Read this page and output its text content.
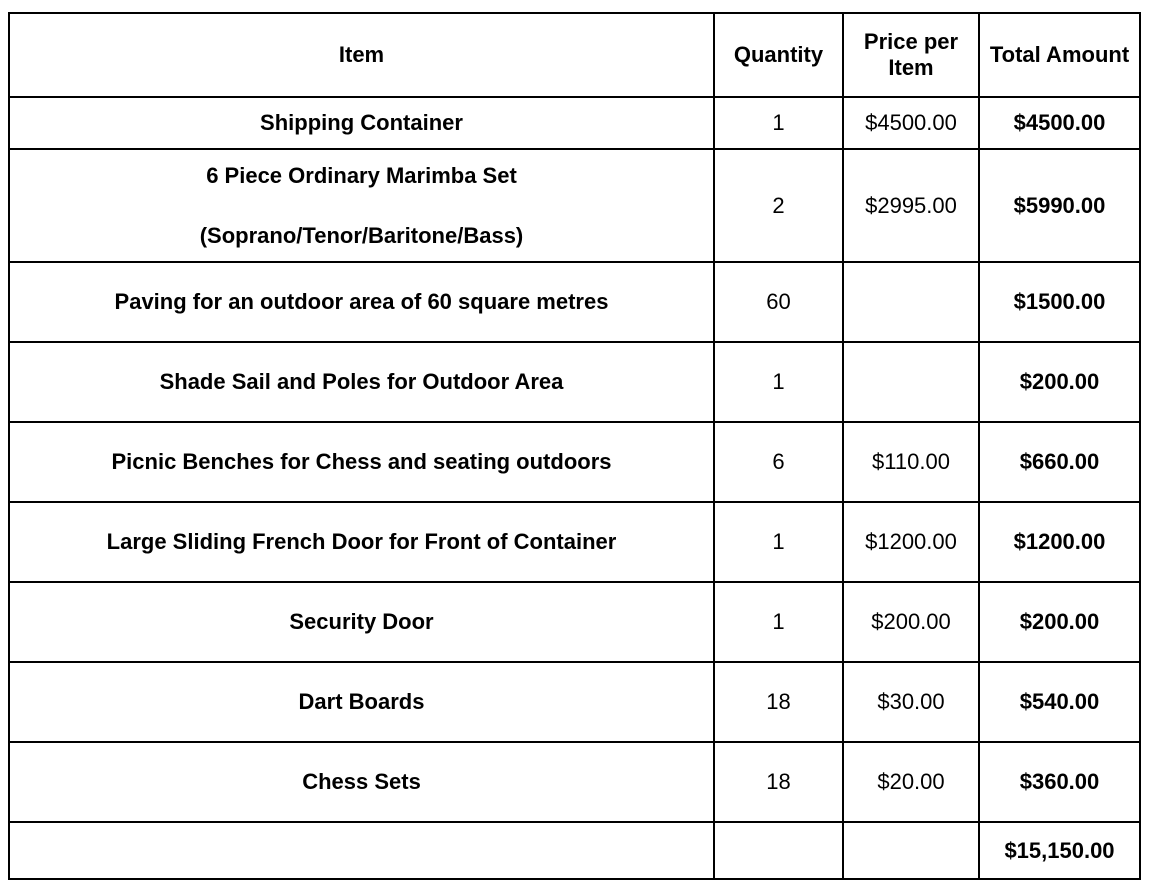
Item	Quantity	Price per Item	Total Amount

Shipping Container	1	$4500.00	$4500.00

6 Piece Ordinary Marimba Set
(Soprano/Tenor/Baritone/Bass)	2	$2995.00	$5990.00

Paving for an outdoor area of 60 square metres	60		$1500.00

Shade Sail and Poles for Outdoor Area	1		$200.00

Picnic Benches for Chess and seating outdoors	6	$110.00	$660.00

Large Sliding French Door for Front of Container	1	$1200.00	$1200.00

Security Door	1	$200.00	$200.00

Dart Boards	18	$30.00	$540.00

Chess Sets	18	$20.00	$360.00
			$15,150.00
